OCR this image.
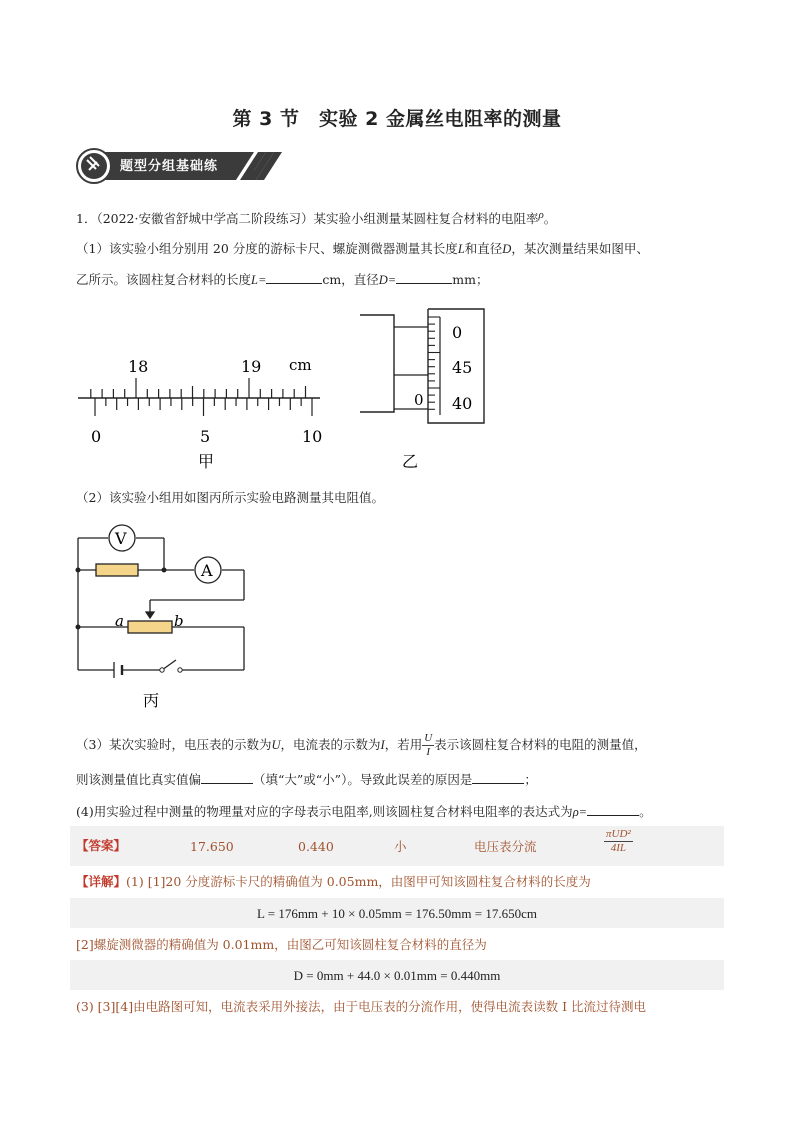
第 3 节　实验 2 金属丝电阻率的测量
题型分组基础练
1．（2022·安徽省舒城中学高二阶段练习）某实验小组测量某圆柱复合材料的电阻率ρ。
（1）该实验小组分别用 20 分度的游标卡尺、螺旋测微器测量其长度L和直径D，某次测量结果如图甲、
乙所示。该圆柱复合材料的长度L=	cm，直径D=	mm；
18	19 cm
0	5	10
甲
0
45
40
0
乙
（2）该实验小组用如图丙所示实验电路测量其电阻值。
V
A
a	b
丙
（3）某次实验时，电压表的示数为U，电流表的示数为I，若用 $\frac{U}{I}$ 表示该圆柱复合材料的电阻的测量值，
则该测量值比真实值偏	（填“大”或“小”）。导致此误差的原因是	；
(4)用实验过程中测量的物理量对应的字母表示电阻率,则该圆柱复合材料电阻率的表达式为ρ=	。
【答案】	17.650	0.440	小	电压表分流	$\frac{\text{πUD²}}{4IL}$
【详解】(1) [1]20 分度游标卡尺的精确值为 0.05mm，由图甲可知该圆柱复合材料的长度为
L = 176mm + 10 × 0.05mm = 176.50mm = 17.650cm
[2]螺旋测微器的精确值为 0.01mm，由图乙可知该圆柱复合材料的直径为
D = 0mm + 44.0 × 0.01mm = 0.440mm
(3) [3][4]由电路图可知，电流表采用外接法，由于电压表的分流作用，使得电流表读数 I 比流过待测电
